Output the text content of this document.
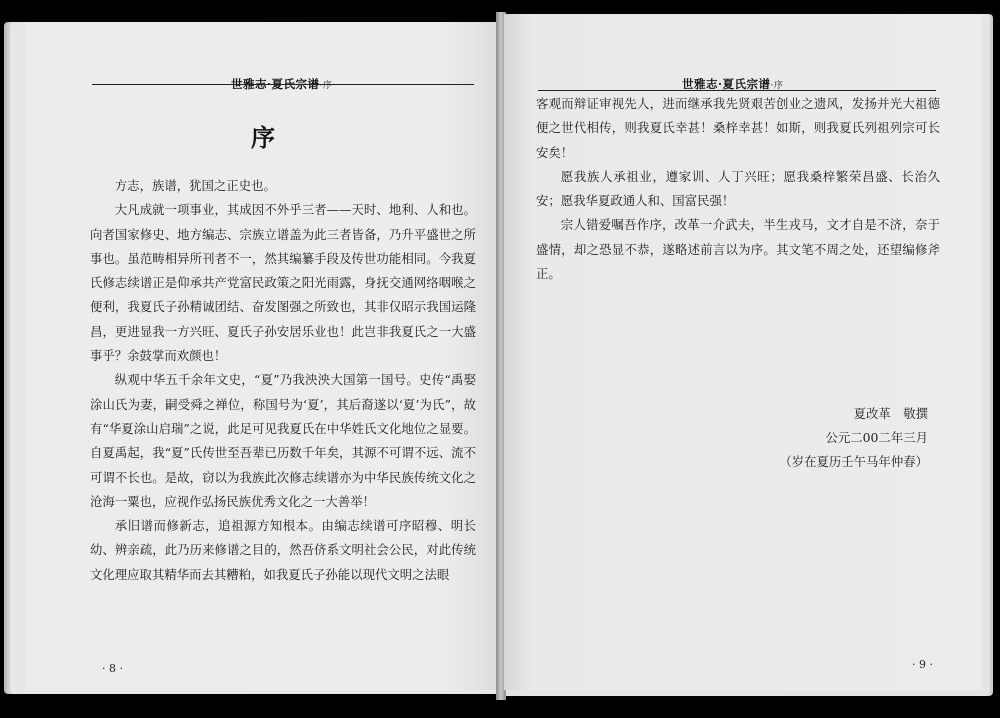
世雅志·夏氏宗谱·序
序

方志，族谱，犹国之正史也。

大凡成就一项事业，其成因不外乎三者——天时、地利、人和也。向者国家修史、地方编志、宗族立谱盖为此三者皆备，乃升平盛世之所事也。虽范畴相异所刊者不一，然其编纂手段及传世功能相同。今我夏氏修志续谱正是仰承共产党富民政策之阳光雨露，身抚交通网络咽喉之便利，我夏氏子孙精诚团结、奋发图强之所致也，其非仅昭示我国运隆昌，更进显我一方兴旺、夏氏子孙安居乐业也！此岂非我夏氏之一大盛事乎？余鼓掌而欢颜也！

纵观中华五千余年文史，“夏”乃我泱泱大国第一国号。史传“禹娶涂山氏为妻，嗣受舜之禅位，称国号为‘夏’，其后裔遂以‘夏’为氏”，故有“华夏涂山启瑞”之说，此足可见我夏氏在中华姓氏文化地位之显要。自夏禹起，我“夏”氏传世至吾辈已历数千年矣，其源不可谓不远、流不可谓不长也。是故，窃以为我族此次修志续谱亦为中华民族传统文化之沧海一粟也，应视作弘扬民族优秀文化之一大善举！

承旧谱而修新志，追祖源方知根本。由编志续谱可序昭穆、明长幼、辨亲疏，此乃历来修谱之目的，然吾侪系文明社会公民，对此传统文化理应取其精华而去其糟粕，如我夏氏子孙能以现代文明之法眼

· 8 ·
世雅志·夏氏宗谱·序

客观而辩证审视先人，进而继承我先贤艰苦创业之遗风，发扬并光大祖德便之世代相传，则我夏氏幸甚！桑梓幸甚！如斯，则我夏氏列祖列宗可长安矣！

愿我族人承祖业，遵家训、人丁兴旺；愿我桑梓繁荣昌盛、长治久安；愿我华夏政通人和、国富民强！

宗人错爱嘱吾作序，改革一介武夫，半生戎马，文才自是不济，奈于盛情，却之恐显不恭，遂略述前言以为序。其文笔不周之处，还望编修斧正。

夏改革　敬撰
公元二00二年三月
（岁在夏历壬午马年仲春）
· 9 ·
